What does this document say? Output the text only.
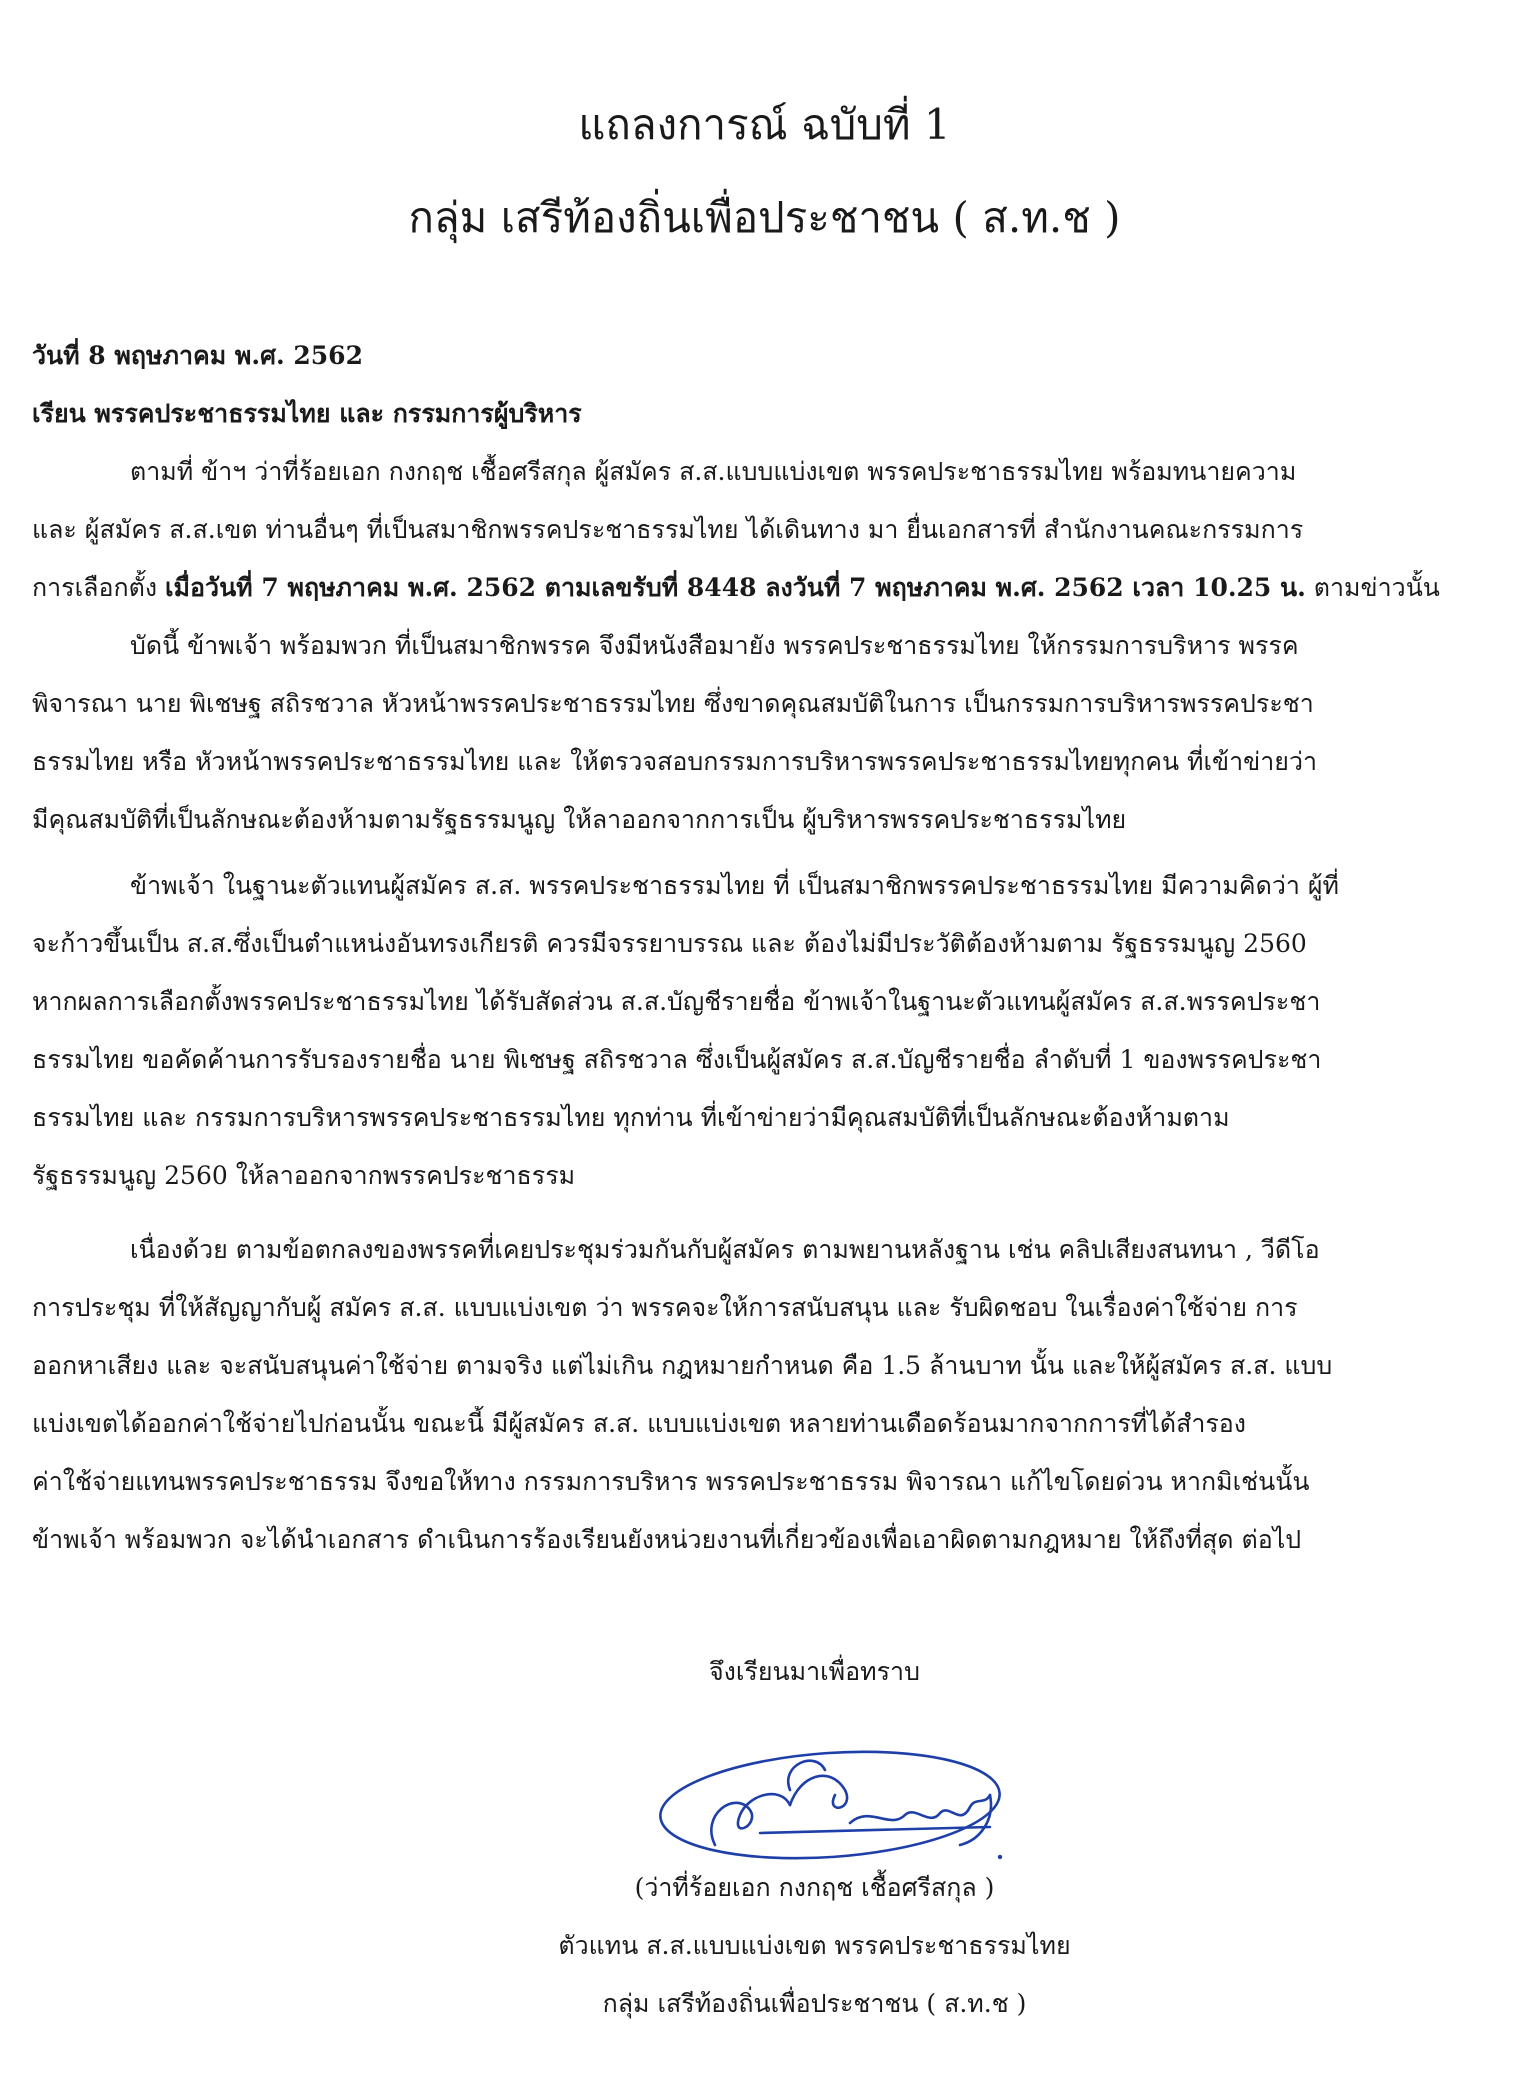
แถลงการณ์ ฉบับที่ 1
กลุ่ม เสรีท้องถิ่นเพื่อประชาชน ( ส.ท.ช )
วันที่ 8 พฤษภาคม พ.ศ. 2562
เรียน พรรคประชาธรรมไทย และ กรรมการผู้บริหาร
ตามที่ ข้าฯ ว่าที่ร้อยเอก กงกฤช เชื้อศรีสกุล ผู้สมัคร ส.ส.แบบแบ่งเขต พรรคประชาธรรมไทย พร้อมทนายความ
และ ผู้สมัคร ส.ส.เขต ท่านอื่นๆ ที่เป็นสมาชิกพรรคประชาธรรมไทย ได้เดินทาง มา ยื่นเอกสารที่ สำนักงานคณะกรรมการ
การเลือกตั้ง เมื่อวันที่ 7 พฤษภาคม พ.ศ. 2562 ตามเลขรับที่ 8448 ลงวันที่ 7 พฤษภาคม พ.ศ. 2562 เวลา 10.25 น. ตามข่าวนั้น
บัดนี้ ข้าพเจ้า พร้อมพวก ที่เป็นสมาชิกพรรค จึงมีหนังสือมายัง พรรคประชาธรรมไทย ให้กรรมการบริหาร พรรค
พิจารณา นาย พิเชษฐ สถิรชวาล หัวหน้าพรรคประชาธรรมไทย ซึ่งขาดคุณสมบัติในการ เป็นกรรมการบริหารพรรคประชา
ธรรมไทย หรือ หัวหน้าพรรคประชาธรรมไทย และ ให้ตรวจสอบกรรมการบริหารพรรคประชาธรรมไทยทุกคน ที่เข้าข่ายว่า
มีคุณสมบัติที่เป็นลักษณะต้องห้ามตามรัฐธรรมนูญ ให้ลาออกจากการเป็น ผู้บริหารพรรคประชาธรรมไทย
ข้าพเจ้า ในฐานะตัวแทนผู้สมัคร ส.ส. พรรคประชาธรรมไทย ที่ เป็นสมาชิกพรรคประชาธรรมไทย มีความคิดว่า ผู้ที่
จะก้าวขึ้นเป็น ส.ส.ซึ่งเป็นตำแหน่งอันทรงเกียรติ ควรมีจรรยาบรรณ และ ต้องไม่มีประวัติต้องห้ามตาม รัฐธรรมนูญ 2560
หากผลการเลือกตั้งพรรคประชาธรรมไทย ได้รับสัดส่วน ส.ส.บัญชีรายชื่อ ข้าพเจ้าในฐานะตัวแทนผู้สมัคร ส.ส.พรรคประชา
ธรรมไทย ขอคัดค้านการรับรองรายชื่อ นาย พิเชษฐ สถิรชวาล ซึ่งเป็นผู้สมัคร ส.ส.บัญชีรายชื่อ ลำดับที่ 1 ของพรรคประชา
ธรรมไทย และ กรรมการบริหารพรรคประชาธรรมไทย ทุกท่าน ที่เข้าข่ายว่ามีคุณสมบัติที่เป็นลักษณะต้องห้ามตาม
รัฐธรรมนูญ 2560 ให้ลาออกจากพรรคประชาธรรม
เนื่องด้วย ตามข้อตกลงของพรรคที่เคยประชุมร่วมกันกับผู้สมัคร ตามพยานหลังฐาน เช่น คลิปเสียงสนทนา , วีดีโอ
การประชุม ที่ให้สัญญากับผู้ สมัคร ส.ส. แบบแบ่งเขต ว่า พรรคจะให้การสนับสนุน และ รับผิดชอบ ในเรื่องค่าใช้จ่าย การ
ออกหาเสียง และ จะสนับสนุนค่าใช้จ่าย ตามจริง แต่ไม่เกิน กฎหมายกำหนด คือ 1.5 ล้านบาท นั้น และให้ผู้สมัคร ส.ส. แบบ
แบ่งเขตได้ออกค่าใช้จ่ายไปก่อนนั้น ขณะนี้ มีผู้สมัคร ส.ส. แบบแบ่งเขต หลายท่านเดือดร้อนมากจากการที่ได้สำรอง
ค่าใช้จ่ายแทนพรรคประชาธรรม จึงขอให้ทาง กรรมการบริหาร พรรคประชาธรรม พิจารณา แก้ไขโดยด่วน หากมิเช่นนั้น
ข้าพเจ้า พร้อมพวก จะได้นำเอกสาร ดำเนินการร้องเรียนยังหน่วยงานที่เกี่ยวข้องเพื่อเอาผิดตามกฎหมาย ให้ถึงที่สุด ต่อไป
จึงเรียนมาเพื่อทราบ
(ว่าที่ร้อยเอก กงกฤช เชื้อศรีสกุล )
ตัวแทน ส.ส.แบบแบ่งเขต พรรคประชาธรรมไทย
กลุ่ม เสรีท้องถิ่นเพื่อประชาชน ( ส.ท.ช )
